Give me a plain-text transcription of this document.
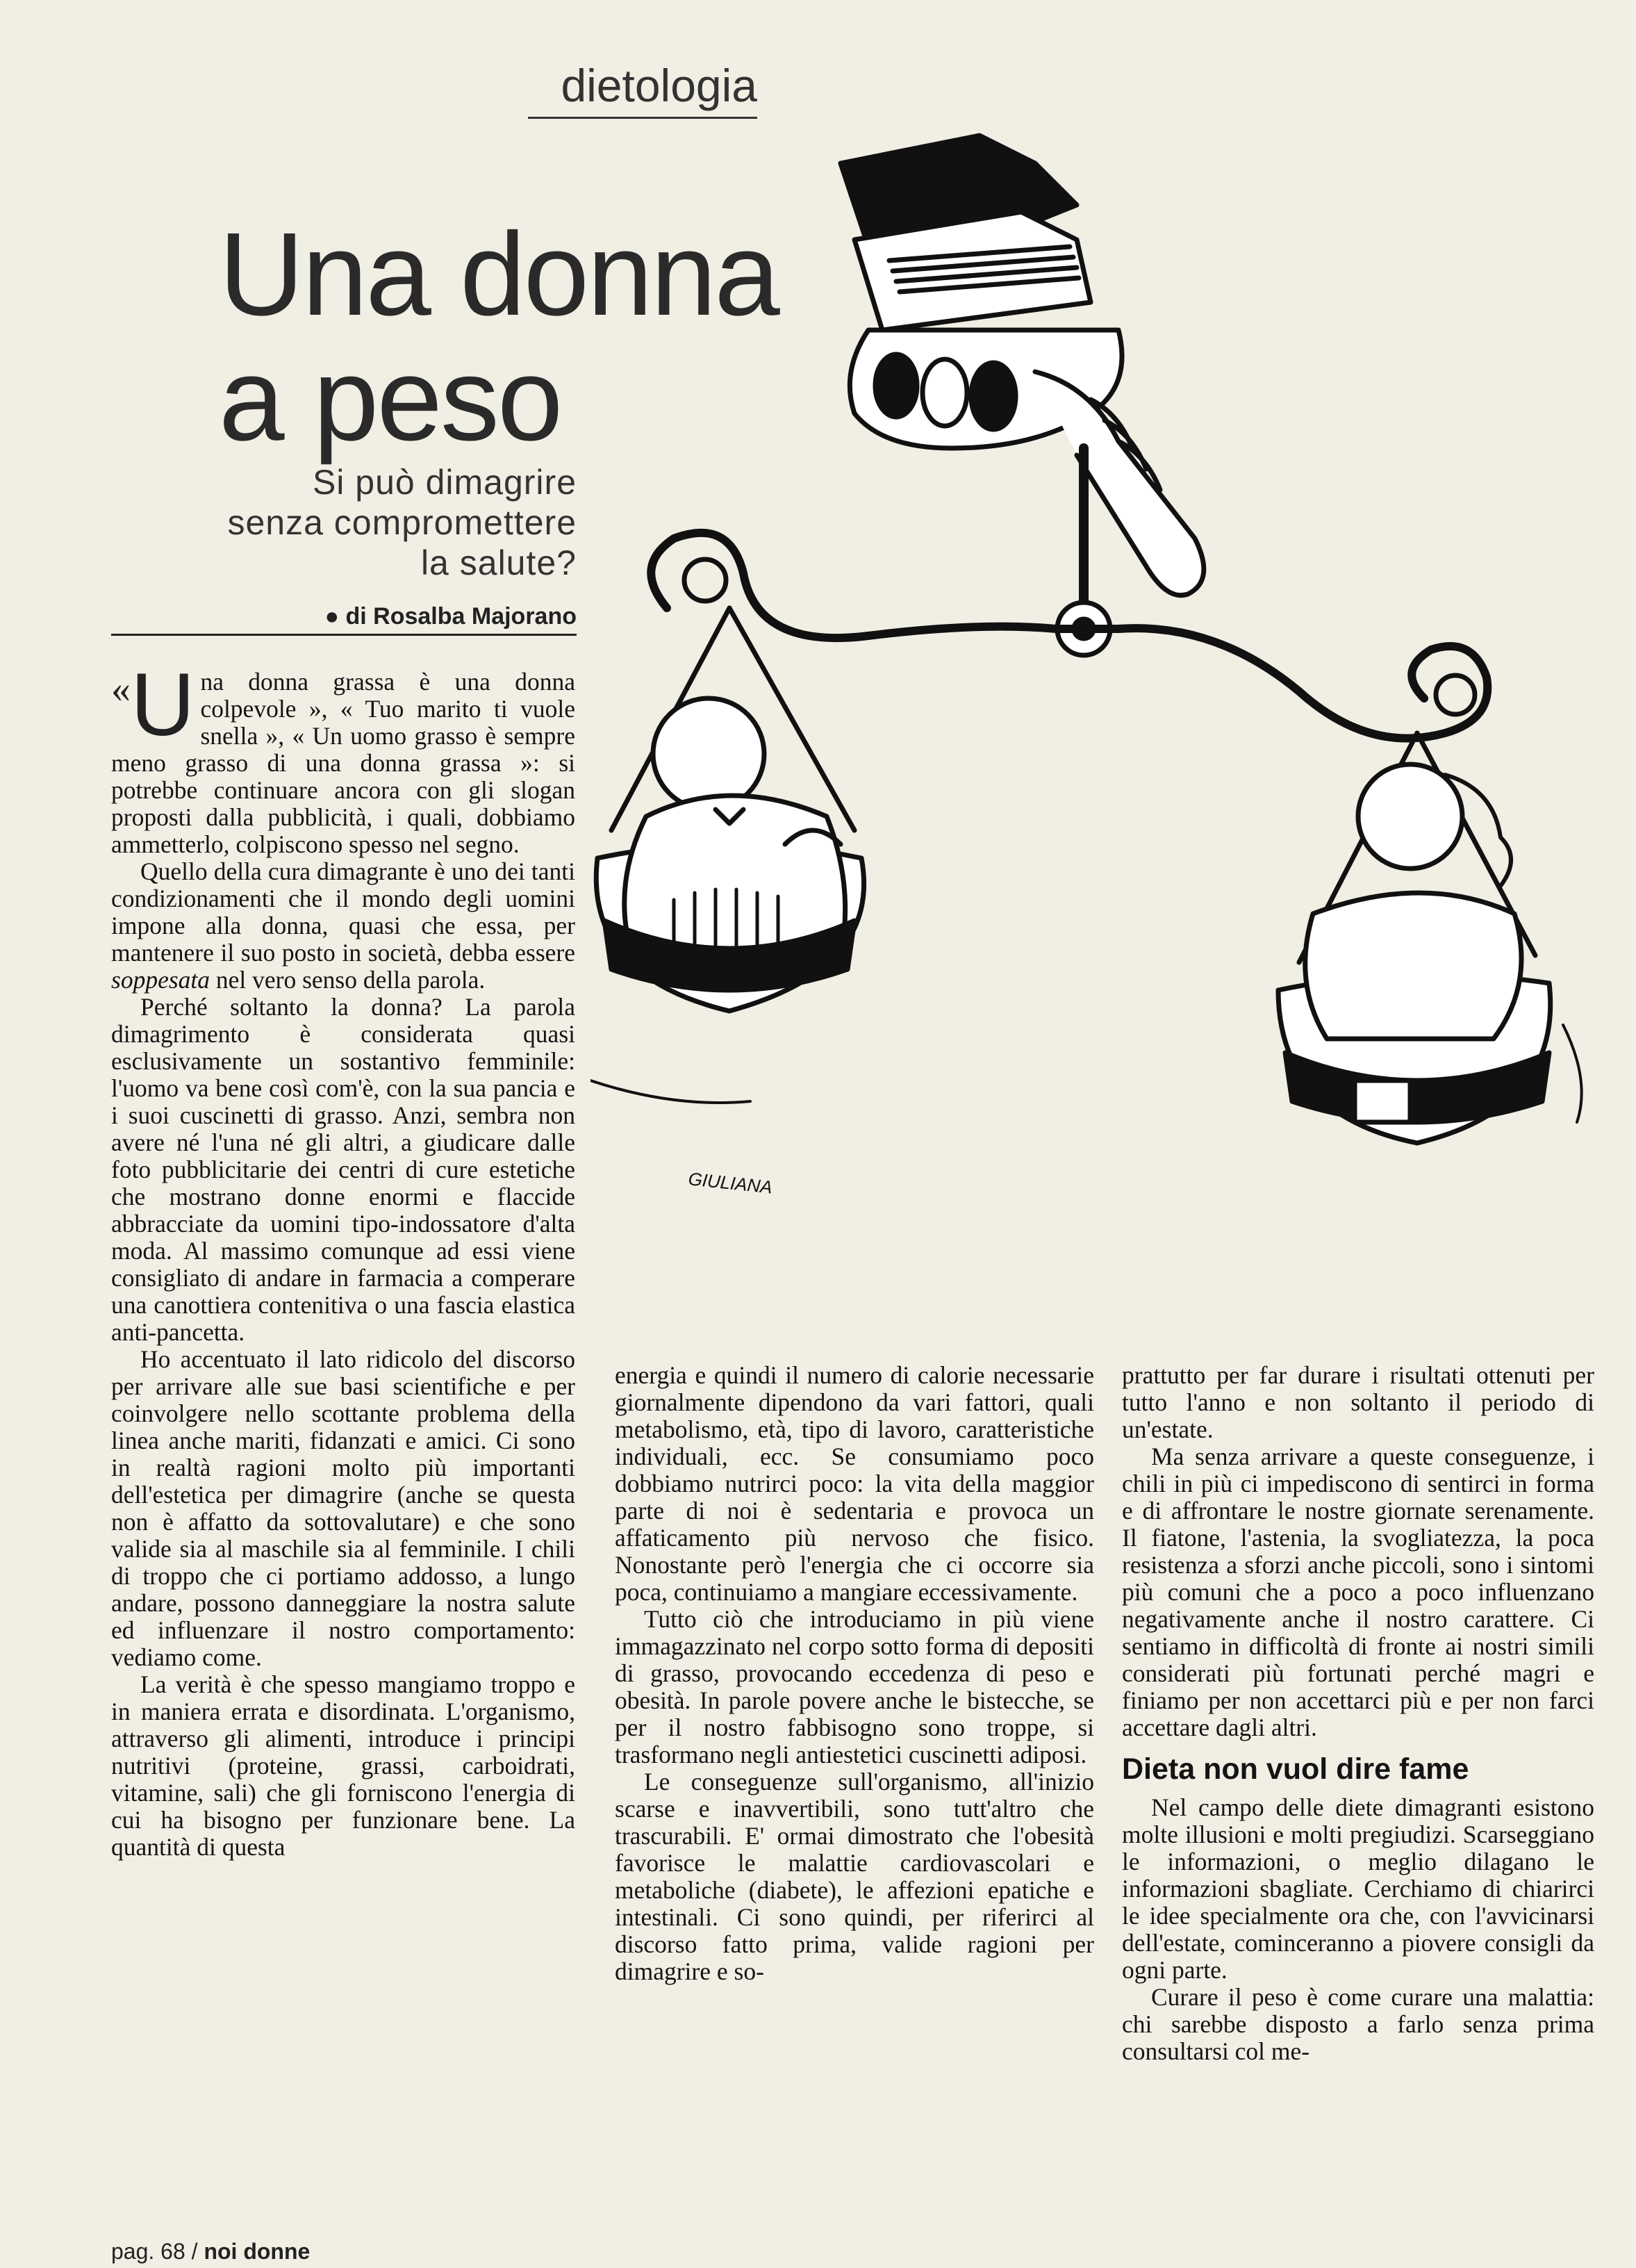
dietologia
Una donna
a peso
Si può dimagrire
senza compromettere
la salute?
● di Rosalba Majorano
GIULIANA

«U na donna grassa è una donna colpevole », « Tuo marito ti vuole snella », « Un uomo grasso è sempre meno grasso di una donna grassa »: si potrebbe continuare ancora con gli slogan proposti dalla pubblicità, i quali, dobbiamo ammetterlo, colpiscono spesso nel segno.

Quello della cura dimagrante è uno dei tanti condizionamenti che il mondo degli uomini impone alla donna, quasi che essa, per mantenere il suo posto in società, debba essere soppesata nel vero senso della parola.

Perché soltanto la donna? La parola dimagrimento è considerata quasi esclusivamente un sostantivo femminile: l'uomo va bene così com'è, con la sua pancia e i suoi cuscinetti di grasso. Anzi, sembra non avere né l'una né gli altri, a giudicare dalle foto pubblicitarie dei centri di cure estetiche che mostrano donne enormi e flaccide abbracciate da uomini tipo-indossatore d'alta moda. Al massimo comunque ad essi viene consigliato di andare in farmacia a comperare una canottiera contenitiva o una fascia elastica anti-pancetta.

Ho accentuato il lato ridicolo del discorso per arrivare alle sue basi scientifiche e per coinvolgere nello scottante problema della linea anche mariti, fidanzati e amici. Ci sono in realtà ragioni molto più importanti dell'estetica per dimagrire (anche se questa non è affatto da sottovalutare) e che sono valide sia al maschile sia al femminile. I chili di troppo che ci portiamo addosso, a lungo andare, possono danneggiare la nostra salute ed influenzare il nostro comportamento: vediamo come.

La verità è che spesso mangiamo troppo e in maniera errata e disordinata. L'organismo, attraverso gli alimenti, introduce i principi nutritivi (proteine, grassi, carboidrati, vitamine, sali) che gli forniscono l'energia di cui ha bisogno per funzionare bene. La quantità di questa

energia e quindi il numero di calorie necessarie giornalmente dipendono da vari fattori, quali metabolismo, età, tipo di lavoro, caratteristiche individuali, ecc. Se consumiamo poco dobbiamo nutrirci poco: la vita della maggior parte di noi è sedentaria e provoca un affaticamento più nervoso che fisico. Nonostante però l'energia che ci occorre sia poca, continuiamo a mangiare eccessivamente.

Tutto ciò che introduciamo in più viene immagazzinato nel corpo sotto forma di depositi di grasso, provocando eccedenza di peso e obesità. In parole povere anche le bistecche, se per il nostro fabbisogno sono troppe, si trasformano negli antiestetici cuscinetti adiposi.

Le conseguenze sull'organismo, all'inizio scarse e inavvertibili, sono tutt'altro che trascurabili. E' ormai dimostrato che l'obesità favorisce le malattie cardiovascolari e metaboliche (diabete), le affezioni epatiche e intestinali. Ci sono quindi, per riferirci al discorso fatto prima, valide ragioni per dimagrire e so-

prattutto per far durare i risultati ottenuti per tutto l'anno e non soltanto il periodo di un'estate.

Ma senza arrivare a queste conseguenze, i chili in più ci impediscono di sentirci in forma e di affrontare le nostre giornate serenamente. Il fiatone, l'astenia, la svogliatezza, la poca resistenza a sforzi anche piccoli, sono i sintomi più comuni che a poco a poco influenzano negativamente anche il nostro carattere. Ci sentiamo in difficoltà di fronte ai nostri simili considerati più fortunati perché magri e finiamo per non accettarci più e per non farci accettare dagli altri.

Dieta non vuol dire fame

Nel campo delle diete dimagranti esistono molte illusioni e molti pregiudizi. Scarseggiano le informazioni, o meglio dilagano le informazioni sbagliate. Cerchiamo di chiarirci le idee specialmente ora che, con l'avvicinarsi dell'estate, cominceranno a piovere consigli da ogni parte.

Curare il peso è come curare una malattia: chi sarebbe disposto a farlo senza prima consultarsi col me-

pag. 68 / noi donne
